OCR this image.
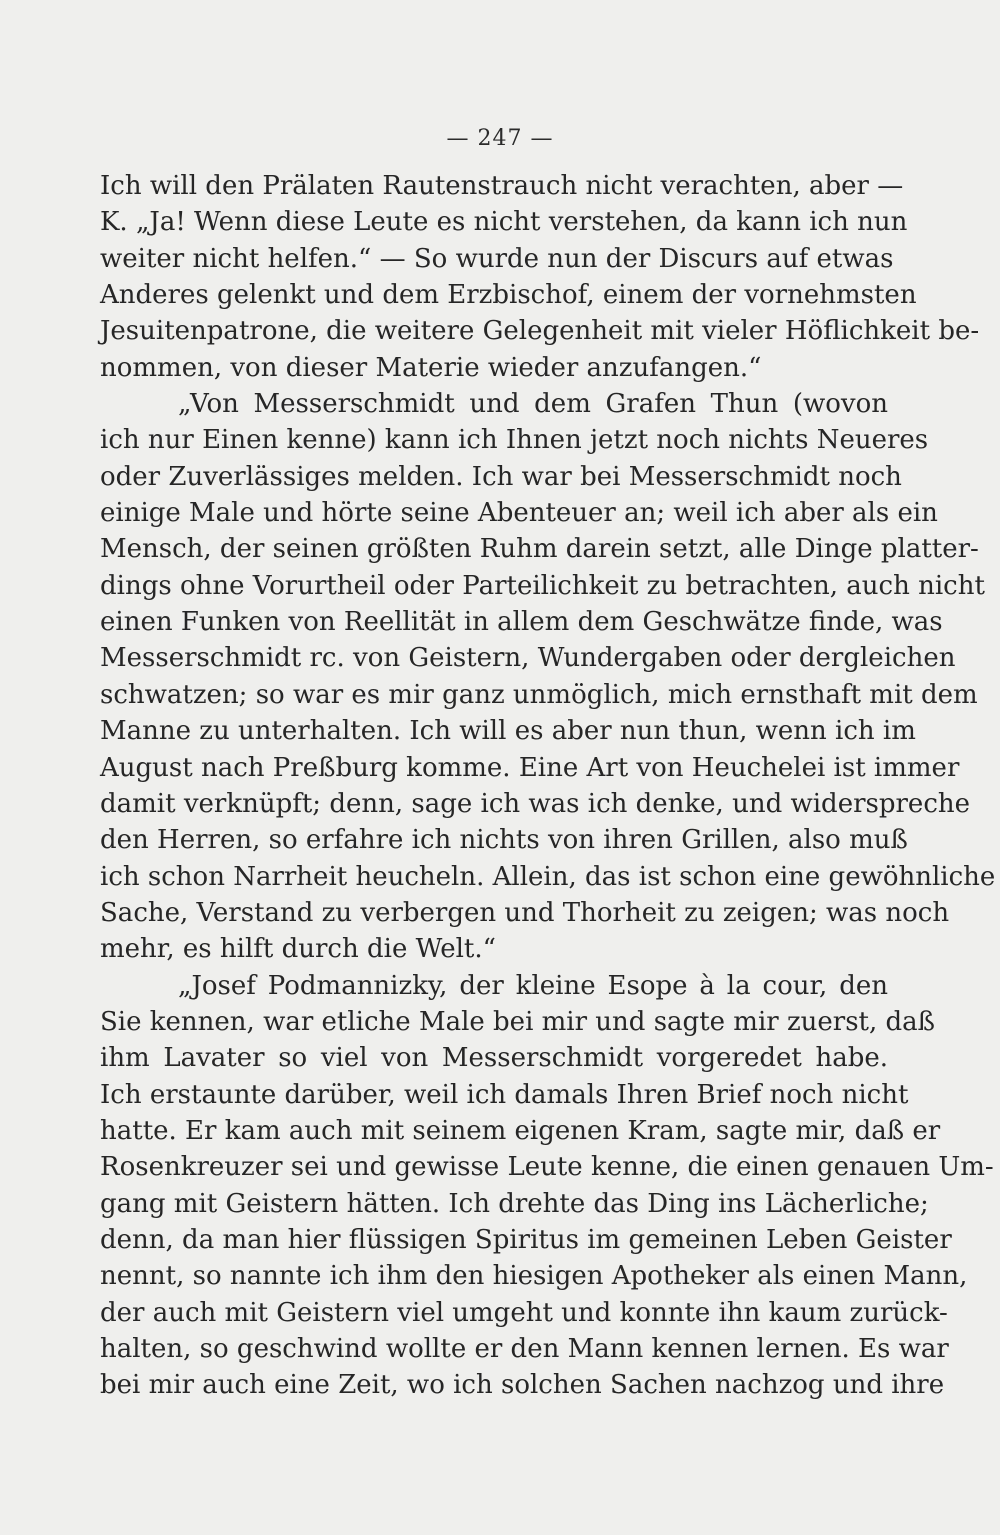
— 247 —
Ich will den Prälaten Rautenstrauch nicht verachten, aber —
K. „Ja! Wenn diese Leute es nicht verstehen, da kann ich nun
weiter nicht helfen.“ — So wurde nun der Discurs auf etwas
Anderes gelenkt und dem Erzbischof, einem der vornehmsten
Jesuitenpatrone, die weitere Gelegenheit mit vieler Höflichkeit be-
nommen, von dieser Materie wieder anzufangen.“
„Von Messerschmidt und dem Grafen Thun (wovon
ich nur Einen kenne) kann ich Ihnen jetzt noch nichts Neueres
oder Zuverlässiges melden. Ich war bei Messerschmidt noch
einige Male und hörte seine Abenteuer an; weil ich aber als ein
Mensch, der seinen größten Ruhm darein setzt, alle Dinge platter-
dings ohne Vorurtheil oder Parteilichkeit zu betrachten, auch nicht
einen Funken von Reellität in allem dem Geschwätze finde, was
Messerschmidt rc. von Geistern, Wundergaben oder dergleichen
schwatzen; so war es mir ganz unmöglich, mich ernsthaft mit dem
Manne zu unterhalten. Ich will es aber nun thun, wenn ich im
August nach Preßburg komme. Eine Art von Heuchelei ist immer
damit verknüpft; denn, sage ich was ich denke, und widerspreche
den Herren, so erfahre ich nichts von ihren Grillen, also muß
ich schon Narrheit heucheln. Allein, das ist schon eine gewöhnliche
Sache, Verstand zu verbergen und Thorheit zu zeigen; was noch
mehr, es hilft durch die Welt.“
„Josef Podmannizky, der kleine Esope à la cour, den
Sie kennen, war etliche Male bei mir und sagte mir zuerst, daß
ihm Lavater so viel von Messerschmidt vorgeredet habe.
Ich erstaunte darüber, weil ich damals Ihren Brief noch nicht
hatte. Er kam auch mit seinem eigenen Kram, sagte mir, daß er
Rosenkreuzer sei und gewisse Leute kenne, die einen genauen Um-
gang mit Geistern hätten. Ich drehte das Ding ins Lächerliche;
denn, da man hier flüssigen Spiritus im gemeinen Leben Geister
nennt, so nannte ich ihm den hiesigen Apotheker als einen Mann,
der auch mit Geistern viel umgeht und konnte ihn kaum zurück-
halten, so geschwind wollte er den Mann kennen lernen. Es war
bei mir auch eine Zeit, wo ich solchen Sachen nachzog und ihre
